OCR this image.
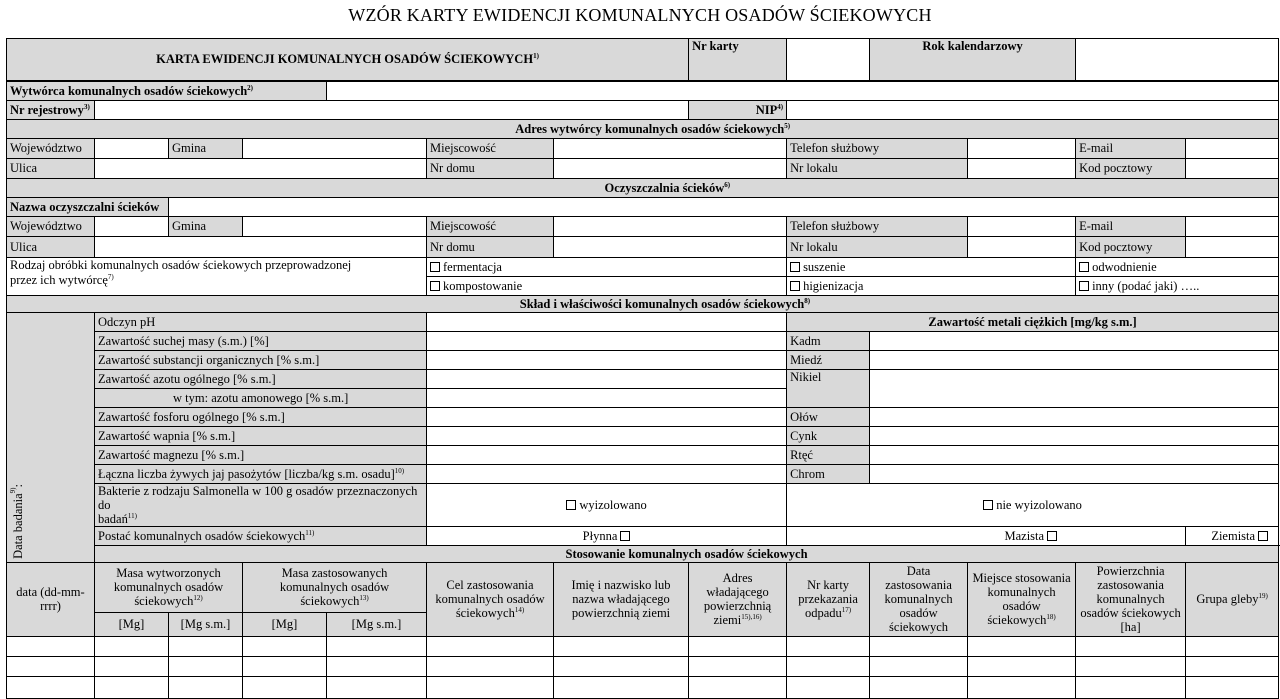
WZÓR KARTY EWIDENCJI KOMUNALNYCH OSADÓW ŚCIEKOWYCH
KARTA EWIDENCJI KOMUNALNYCH OSADÓW ŚCIEKOWYCH$^{1)}$							Nr karty		Rok kalendarzowy			
Wytwórca komunalnych osadów ściekowych$^{2)}$	
Nr rejestrowy$^{3)}$							NIP$^{4)}$	
Adres wytwórcy komunalnych osadów ściekowych$^{5)}$
Województwo		Gmina			Miejscowość			Telefon służbowy			E-mail	
Ulica					Nr domu			Nr lokalu			Kod pocztowy	
Oczyszczalnia ścieków$^{6)}$
Nazwa oczyszczalni ścieków												
Województwo		Gmina			Miejscowość			Telefon służbowy			E-mail	
Ulica					Nr domu			Nr lokalu			Kod pocztowy	
Rodzaj obróbki komunalnych osadów ściekowych przeprowadzonej
przez ich wytwórcę$^{7)}$					fermentacja			suszenie			odwodnienie	
					kompostowanie			higienizacja			inny (podać jaki) …..	
Skład i właściwości komunalnych osadów ściekowych$^{8)}$

Data badania$^{9)}$:	Odczyn pH							Zawartość metali ciężkich [mg/kg s.m.]				
	Zawartość suchej masy (s.m.) [%]							Kadm				
	Zawartość substancji organicznych [% s.m.]							Miedź				
	Zawartość azotu ogólnego [% s.m.]							Nikiel				
	w tym: azotu amonowego [% s.m.]											
	Zawartość fosforu ogólnego [% s.m.]							Ołów				
	Zawartość wapnia [% s.m.]							Cynk				
	Zawartość magnezu [% s.m.]							Rtęć				
	Łączna liczba żywych jaj pasożytów [liczba/kg s.m. osadu]$^{10)}$							Chrom				
	Bakterie z rodzaju Salmonella w 100 g osadów przeznaczonych do
badań$^{11)}$				wyizolowano			nie wyizolowano				
	Postać komunalnych osadów ściekowych$^{11)}$				Płynna			Mazista				Ziemista
	Stosowanie komunalnych osadów ściekowych											
data (dd-mm-rrrr)	Masa wytworzonych komunalnych osadów ściekowych$^{12)}$		Masa zastosowanych komunalnych osadów ściekowych$^{13)}$		Cel zastosowania komunalnych osadów ściekowych$^{14)}$	Imię i nazwisko lub nazwa władającego powierzchnią ziemi	Adres władającego powierzchnią ziemi$^{15),16)}$	Nr karty przekazania odpadu$^{17)}$	Data zastosowania komunalnych osadów ściekowych	Miejsce stosowania komunalnych osadów ściekowych$^{18)}$	Powierzchnia zastosowania komunalnych osadów ściekowych [ha]	Grupa gleby$^{19)}$
	[Mg]	[Mg s.m.]	[Mg]	[Mg s.m.]								
